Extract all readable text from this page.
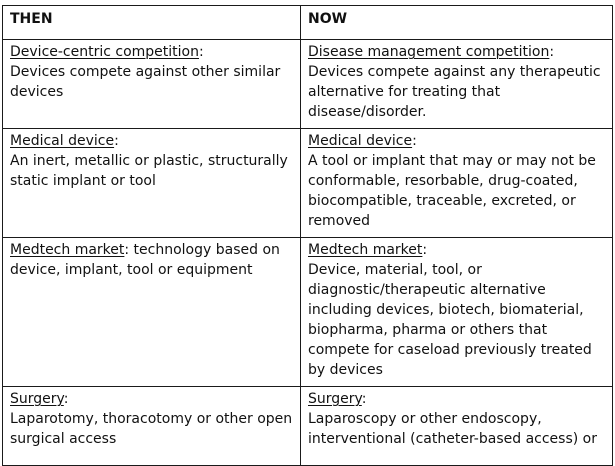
THEN	NOW
Device-centric competition:
Devices compete against other similar devices	Disease management competition:
Devices compete against any therapeutic alternative for treating that disease/disorder.

Medical device:
An inert, metallic or plastic, structurally static implant or tool	Medical device:
A tool or implant that may or may not be conformable, resorbable, drug-coated, biocompatible, traceable, excreted, or removed

Medtech market: technology based on device, implant, tool or equipment	Medtech market:
Device, material, tool, or diagnostic/therapeutic alternative including devices, biotech, biomaterial, biopharma, pharma or others that compete for caseload previously treated by devices

Surgery:
Laparotomy, thoracotomy or other open surgical access	Surgery:
Laparoscopy or other endoscopy, interventional (catheter-based access) or
